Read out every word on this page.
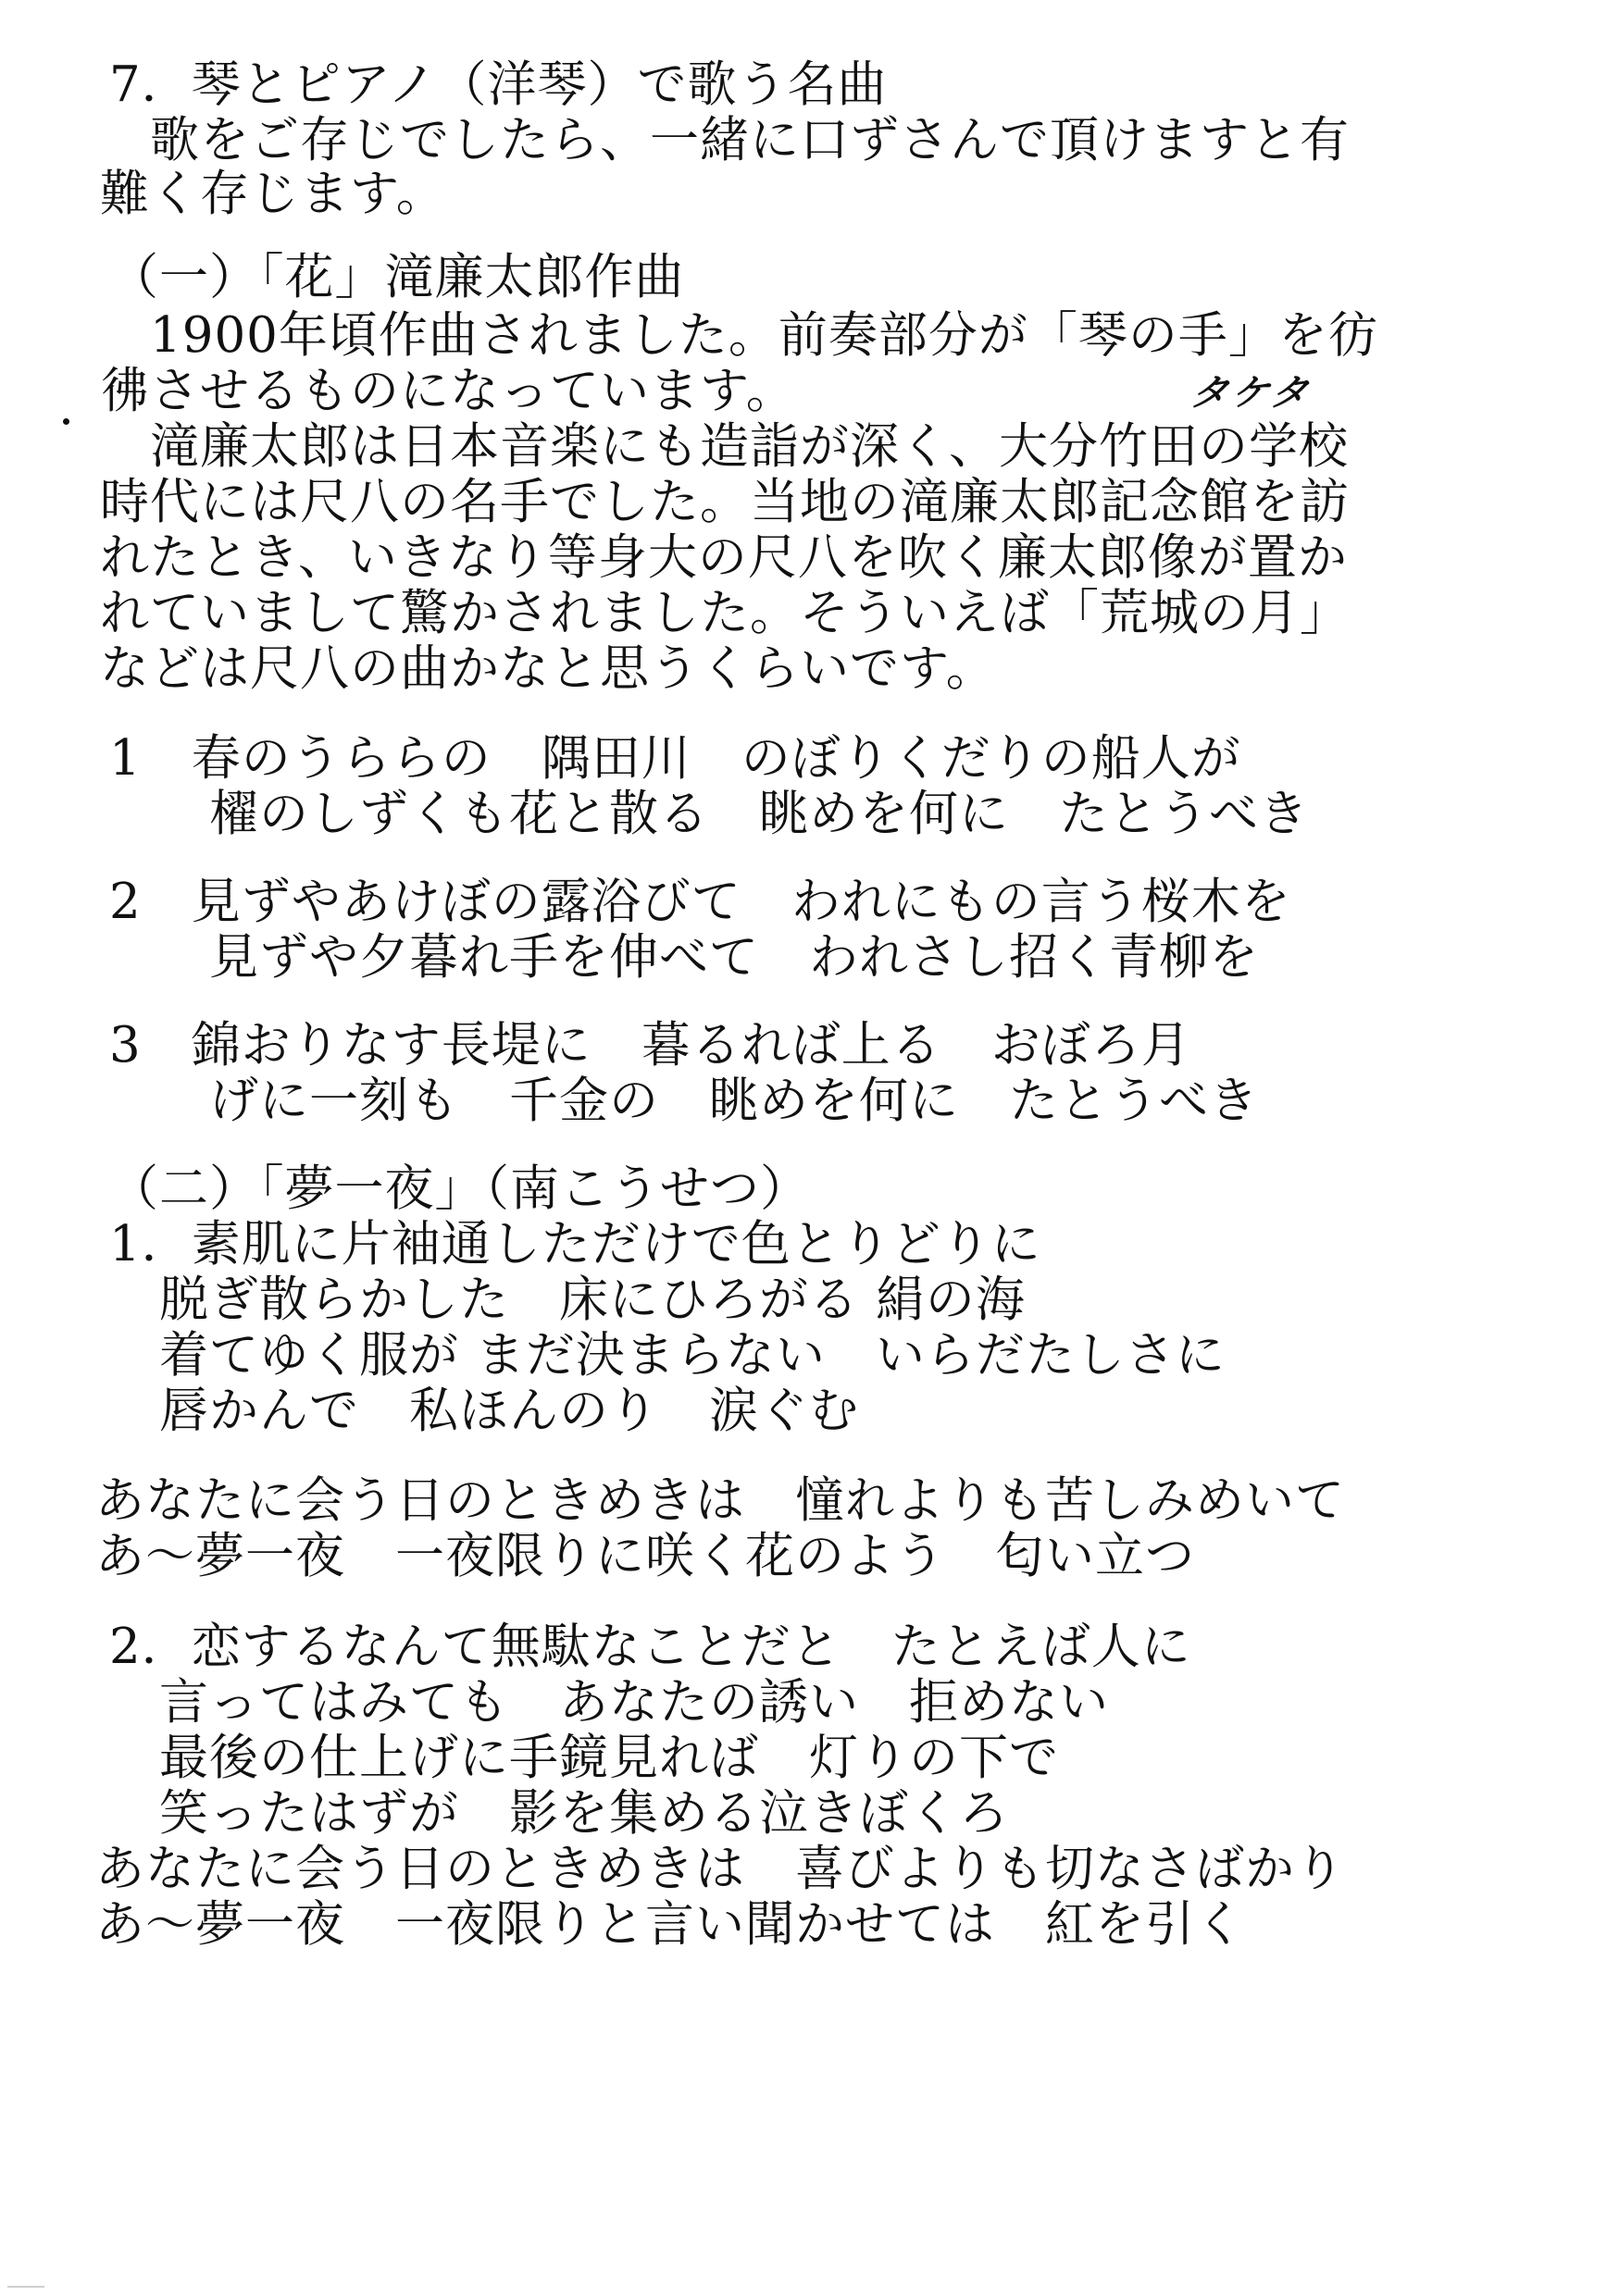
7．琴とピアノ（洋琴）で歌う名曲
　歌をご存じでしたら、一緒に口ずさんで頂けますと有
難く存じます。
（一）「花」滝廉太郎作曲
　1900年頃作曲されました。前奏部分が「琴の手」を彷
彿させるものになっています。	タケタ
　滝廉太郎は日本音楽にも造詣が深く、大分竹田の学校
時代には尺八の名手でした。当地の滝廉太郎記念館を訪
れたとき、いきなり等身大の尺八を吹く廉太郎像が置か
れていまして驚かされました。そういえば「荒城の月」
などは尺八の曲かなと思うくらいです。
1　春のうららの　隅田川　のぼりくだりの船人が
　　櫂のしずくも花と散る　眺めを何に　たとうべき
2　見ずやあけぼの露浴びて　われにもの言う桜木を
　　見ずや夕暮れ手を伸べて　われさし招く青柳を
3　錦おりなす長堤に　暮るれば上る　おぼろ月
　　げに一刻も　千金の　眺めを何に　たとうべき
（二）「夢一夜」（南こうせつ）
1．素肌に片袖通しただけで色とりどりに
　脱ぎ散らかした　床にひろがる 絹の海
　着てゆく服が まだ決まらない　いらだたしさに
　唇かんで　私ほんのり　涙ぐむ
あなたに会う日のときめきは　憧れよりも苦しみめいて
あ～夢一夜　一夜限りに咲く花のよう　匂い立つ
2．恋するなんて無駄なことだと　たとえば人に
　言ってはみても　あなたの誘い　拒めない
　最後の仕上げに手鏡見れば　灯りの下で
　笑ったはずが　影を集める泣きぼくろ
あなたに会う日のときめきは　喜びよりも切なさばかり
あ～夢一夜　一夜限りと言い聞かせては　紅を引く
